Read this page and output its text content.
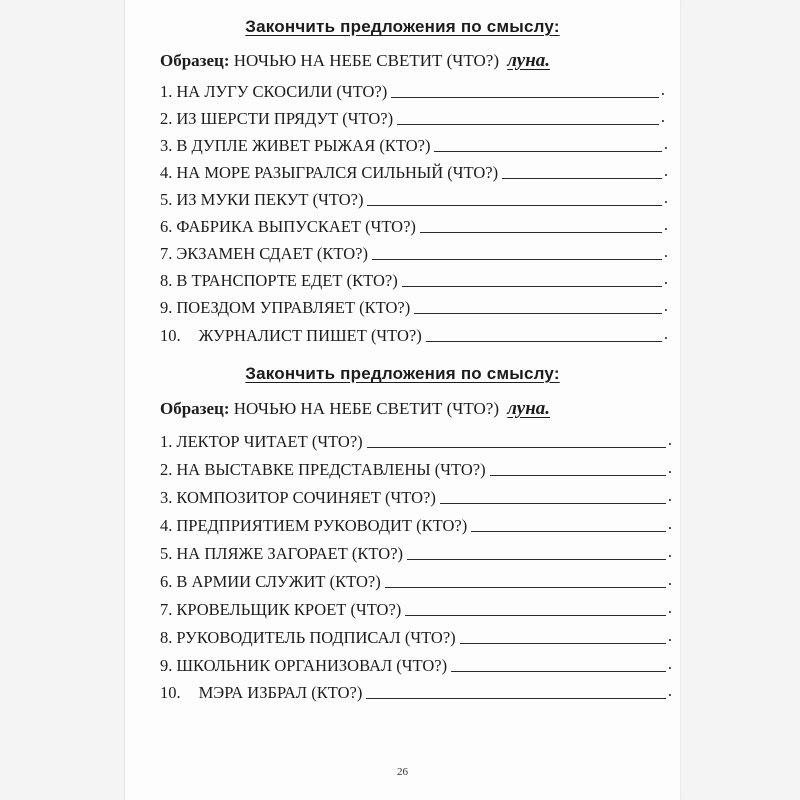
Закончить предложения по смыслу:
Образец: НОЧЬЮ НА НЕБЕ СВЕТИТ (ЧТО?) луна.
1. НА ЛУГУ СКОСИЛИ (ЧТО?)	.
2. ИЗ ШЕРСТИ ПРЯДУТ (ЧТО?)	.
3. В ДУПЛЕ ЖИВЕТ РЫЖАЯ (КТО?)	.
4. НА МОРЕ РАЗЫГРАЛСЯ СИЛЬНЫЙ (ЧТО?)	.
5. ИЗ МУКИ ПЕКУТ (ЧТО?)	.
6. ФАБРИКА ВЫПУСКАЕТ (ЧТО?)	.
7. ЭКЗАМЕН СДАЕТ (КТО?)	.
8. В ТРАНСПОРТЕ ЕДЕТ (КТО?)	.
9. ПОЕЗДОМ УПРАВЛЯЕТ (КТО?)	.
10. ЖУРНАЛИСТ ПИШЕТ (ЧТО?)	.
Закончить предложения по смыслу:
Образец: НОЧЬЮ НА НЕБЕ СВЕТИТ (ЧТО?) луна.
1. ЛЕКТОР ЧИТАЕТ (ЧТО?)	.
2. НА ВЫСТАВКЕ ПРЕДСТАВЛЕНЫ (ЧТО?)	.
3. КОМПОЗИТОР СОЧИНЯЕТ (ЧТО?)	.
4. ПРЕДПРИЯТИЕМ РУКОВОДИТ (КТО?)	.
5. НА ПЛЯЖЕ ЗАГОРАЕТ (КТО?)	.
6. В АРМИИ СЛУЖИТ (КТО?)	.
7. КРОВЕЛЬЩИК КРОЕТ (ЧТО?)	.
8. РУКОВОДИТЕЛЬ ПОДПИСАЛ (ЧТО?)	.
9. ШКОЛЬНИК ОРГАНИЗОВАЛ (ЧТО?)	.
10. МЭРА ИЗБРАЛ (КТО?)	.
26
